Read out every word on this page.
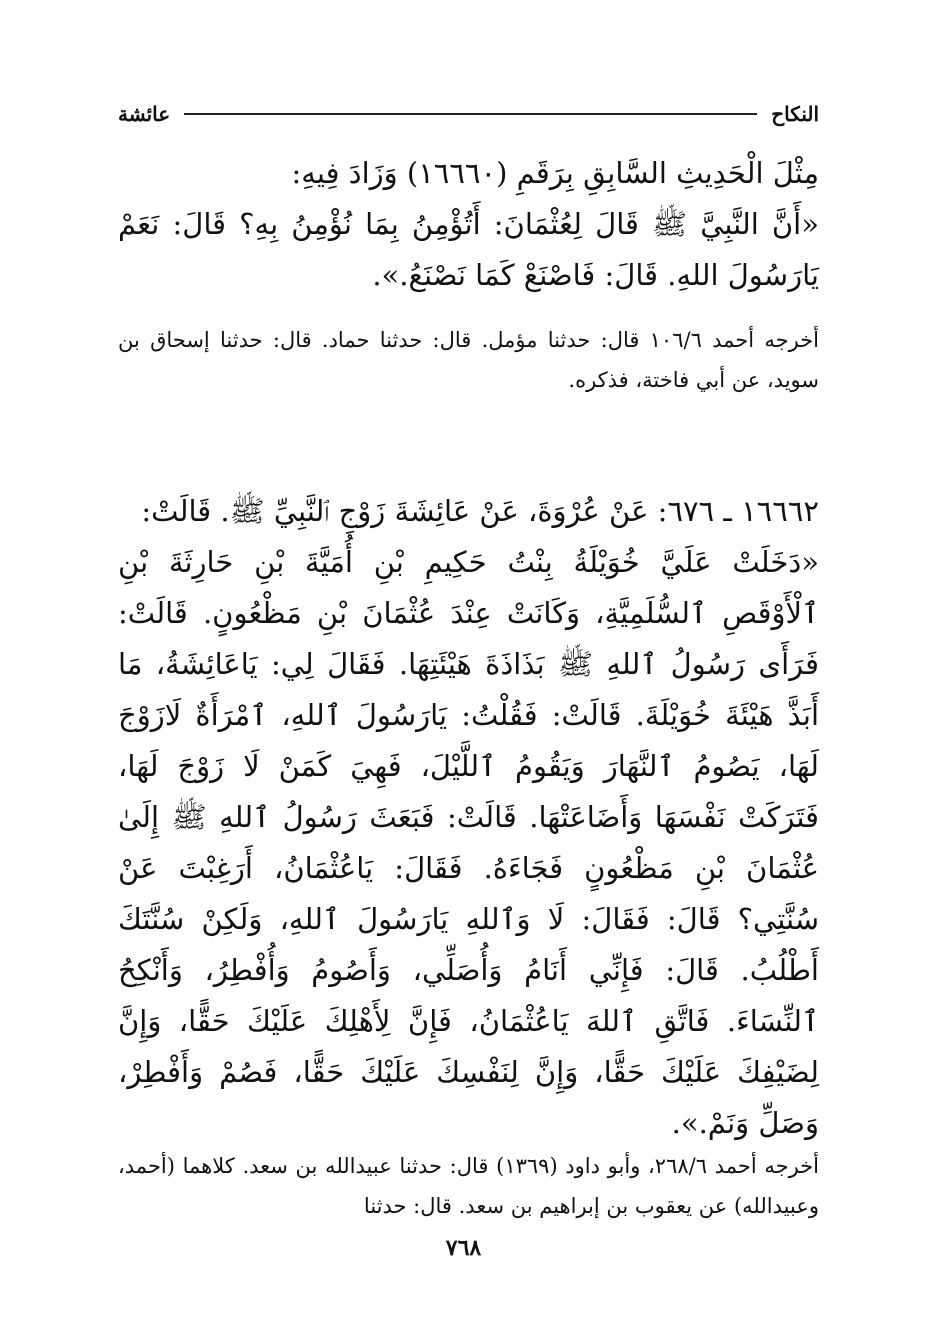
النكاح
عائشة

مِثْلَ الْحَدِيثِ السَّابِقِ بِرَقَمِ (١٦٦٦٠) وَزَادَ فِيهِ:

«أَنَّ النَّبِيَّ ﷺ قَالَ لِعُثْمَانَ: أَتُؤْمِنُ بِمَا نُؤْمِنُ بِهِ؟ قَالَ: نَعَمْ يَارَسُولَ اللهِ. قَالَ: فَاصْنَعْ كَمَا نَصْنَعُ.».

أخرجه أحمد ١٠٦/٦ قال: حدثنا مؤمل. قال: حدثنا حماد. قال: حدثنا إسحاق بن سويد، عن أبي فاختة، فذكره.

١٦٦٦٢ ـ ٦٧٦: عَنْ عُرْوَةَ، عَنْ عَائِشَةَ زَوْجِ ٱلنَّبِيِّ ﷺ. قَالَتْ:

«دَخَلَتْ عَلَيَّ خُوَيْلَةُ بِنْتُ حَكِيمِ بْنِ أُمَيَّةَ بْنِ حَارِثَةَ بْنِ ٱلْأَوْقَصِ ٱلسُّلَمِيَّةِ، وَكَانَتْ عِنْدَ عُثْمَانَ بْنِ مَظْعُونٍ. قَالَتْ: فَرَأَى رَسُولُ ٱللهِ ﷺ بَذَاذَةَ هَيْئَتِهَا. فَقَالَ لِي: يَاعَائِشَةُ، مَا أَبَذَّ هَيْئَةَ خُوَيْلَةَ. قَالَتْ: فَقُلْتُ: يَارَسُولَ ٱللهِ، ٱمْرَأَةٌ لَازَوْجَ لَهَا، يَصُومُ ٱلنَّهَارَ وَيَقُومُ ٱللَّيْلَ، فَهِيَ كَمَنْ لَا زَوْجَ لَهَا، فَتَرَكَتْ نَفْسَهَا وَأَضَاعَتْهَا. قَالَتْ: فَبَعَثَ رَسُولُ ٱللهِ ﷺ إِلَىٰ عُثْمَانَ بْنِ مَظْعُونٍ فَجَاءَهُ. فَقَالَ: يَاعُثْمَانُ، أَرَغِبْتَ عَنْ سُنَّتِي؟ قَالَ: فَقَالَ: لَا وَٱللهِ يَارَسُولَ ٱللهِ، وَلَكِنْ سُنَّتَكَ أَطْلُبُ. قَالَ: فَإِنِّي أَنَامُ وَأُصَلِّي، وَأَصُومُ وَأُفْطِرُ، وَأَنْكِحُ ٱلنِّسَاءَ. فَاتَّقِ ٱللهَ يَاعُثْمَانُ، فَإِنَّ لِأَهْلِكَ عَلَيْكَ حَقًّا، وَإِنَّ لِضَيْفِكَ عَلَيْكَ حَقًّا، وَإِنَّ لِنَفْسِكَ عَلَيْكَ حَقًّا، فَصُمْ وَأَفْطِرْ، وَصَلِّ وَنَمْ.».

أخرجه أحمد ٢٦٨/٦، وأبو داود (١٣٦٩) قال: حدثنا عبيدالله بن سعد. كلاهما (أحمد، وعبيدالله) عن يعقوب بن إبراهيم بن سعد. قال: حدثنا

٧٦٨
